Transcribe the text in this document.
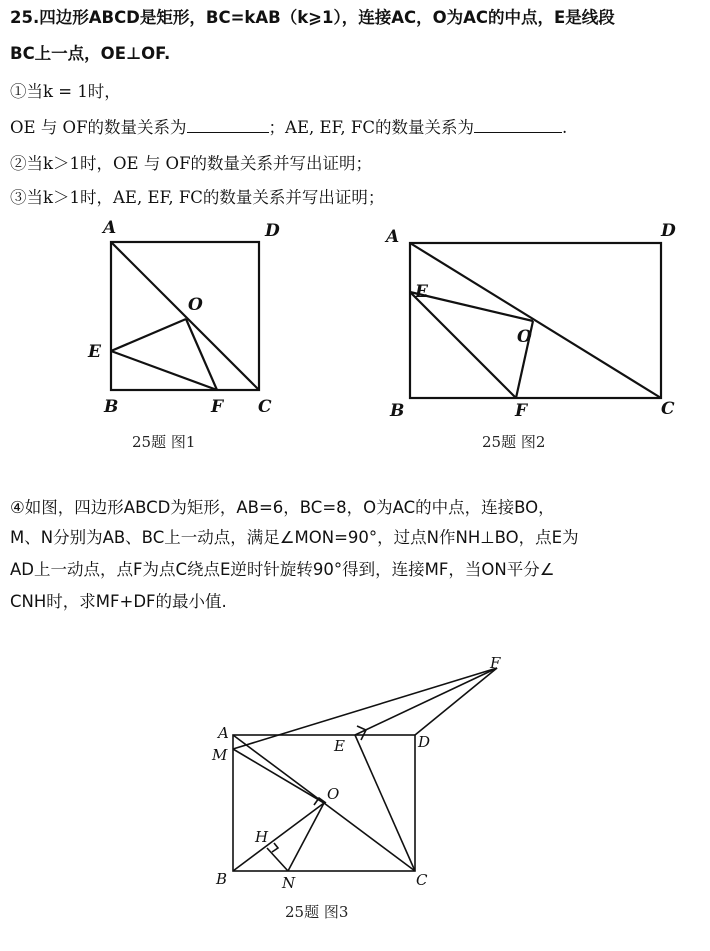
25.四边形ABCD是矩形，BC=kAB（k⩾1），连接AC，O为AC的中点，E是线段
BC上一点，OE⊥OF.
①当k = 1时，
OE 与 OF的数量关系为	；AE, EF, FC的数量关系为	.
②当k＞1时，OE 与 OF的数量关系并写出证明；
③当k＞1时，AE, EF, FC的数量关系并写出证明；
④如图，四边形ABCD为矩形，AB=6，BC=8，O为AC的中点，连接BO，
M、N分别为AB、BC上一动点，满足∠MON=90°，过点N作NH⊥BO，点E为
AD上一动点，点F为点C绕点E逆时针旋转90°得到，连接MF，当ON平分∠
CNH时，求MF+DF的最小值.
A	D
B	C
F
E
O
25题 图1
A	D
B	C
F
E
O
25题 图2
A
M
D
E
F
O
H
B	N	C
25题 图3
